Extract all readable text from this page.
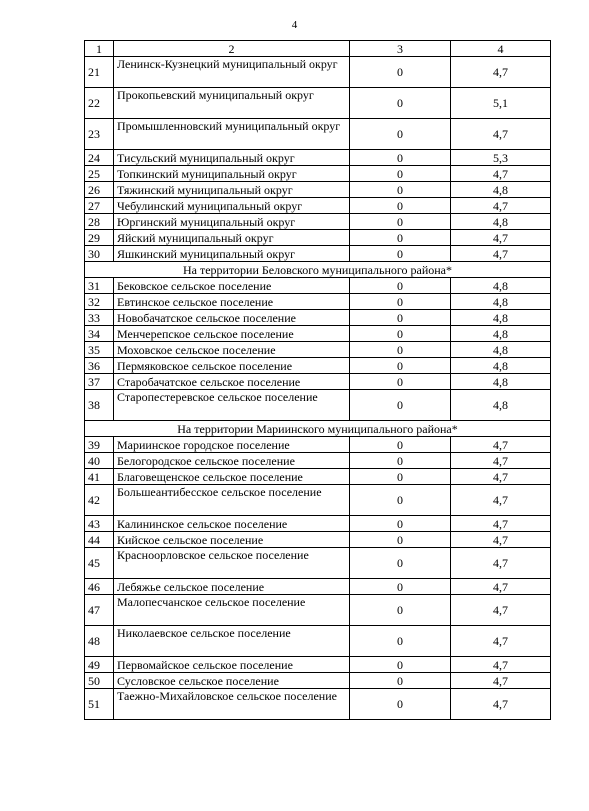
4
1	2	3	4
21	Ленинск-Кузнецкий муниципальный округ	0	4,7
22	Прокопьевский муниципальный округ	0	5,1
23	Промышленновский муниципальный округ	0	4,7
24	Тисульский муниципальный округ	0	5,3
25	Топкинский муниципальный округ	0	4,7
26	Тяжинский муниципальный округ	0	4,8
27	Чебулинский муниципальный округ	0	4,7
28	Юргинский муниципальный округ	0	4,8
29	Яйский муниципальный округ	0	4,7
30	Яшкинский муниципальный округ	0	4,7
На территории Беловского муниципального района*			
31	Бековское сельское поселение	0	4,8
32	Евтинское сельское поселение	0	4,8
33	Новобачатское сельское поселение	0	4,8
34	Менчерепское сельское поселение	0	4,8
35	Моховское сельское поселение	0	4,8
36	Пермяковское сельское поселение	0	4,8
37	Старобачатское сельское поселение	0	4,8
38	Старопестеревское сельское поселение	0	4,8
На территории Мариинского муниципального района*			
39	Мариинское городское поселение	0	4,7
40	Белогородское сельское поселение	0	4,7
41	Благовещенское сельское поселение	0	4,7
42	Большеантибесское сельское поселение	0	4,7
43	Калининское сельское поселение	0	4,7
44	Кийское сельское поселение	0	4,7
45	Красноорловское сельское поселение	0	4,7
46	Лебяжье сельское поселение	0	4,7
47	Малопесчанское сельское поселение	0	4,7
48	Николаевское сельское поселение	0	4,7
49	Первомайское сельское поселение	0	4,7
50	Сусловское сельское поселение	0	4,7
51	Таежно-Михайловское сельское поселение	0	4,7
